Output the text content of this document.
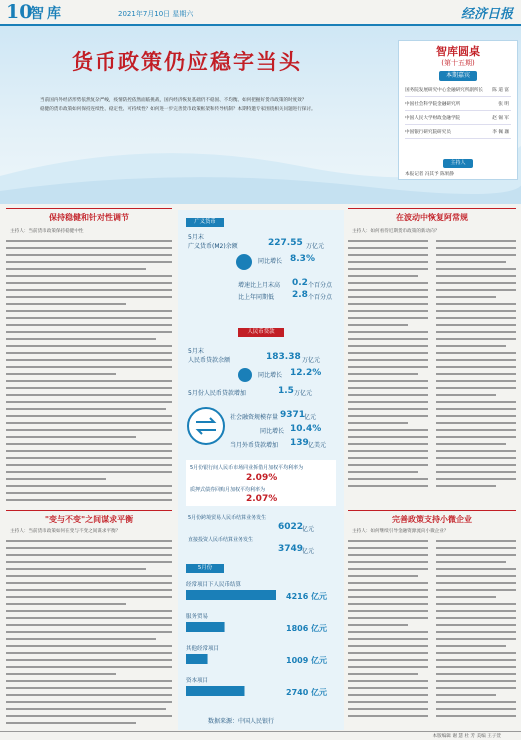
10
智库	2021年7月10日 星期六	经济日报
货币政策仍应稳字当头
当前国内外经济形势依然复杂严峻，疫情防控依然面临挑战，国内经济恢复基础仍不稳固、不均衡。如何把握好货币政策的时度效？
稳健的货币政策如何保持连续性、稳定性、可持续性？如何进一步完善货币政策框架和传导机制？本期特邀专家围绕相关问题进行探讨。
智库圆桌
(第十五期)
本期嘉宾
国务院发展研究中心金融研究所副所长 陈 道 富
中国社会科学院金融研究所	张 明
中国人民大学财政金融学院	赵 锡 军
中国银行研究院研究员	李 佩 珈
主持人
本报记者 冯其予 陈果静
保持稳健和针对性调节
主持人：当前货币政策保持稳健中性
"变与不变"之间谋求平衡
主持人：当前货币政策如何在变与不变之间谋求平衡？
广义货币
5月末
广义货币(M2)余额	227.55 万亿元
同比增长 8.3%
增速比上月末高 0.2 个百分点
比上年同期低 2.8 个百分点
人民币贷款
5月末
人民币贷款余额	183.38 万亿元
同比增长 12.2%
5月份人民币贷款增加	1.5 万亿元
社会融资规模存量 9371
亿元
同比增长 10.4%
当月外币贷款增加 139 亿美元
5月份银行间人民币市场同业拆借月加权平均利率为
2.09%
质押式债券回购月加权平均利率为
2.07%
5月份跨境贸易人民币结算业务发生
6022
亿元
直接投资人民币结算业务发生
3749
亿元
5月份
经常项目下人民币结算
4216 亿元
服务贸易
1806 亿元
其他经常项目
1009 亿元
资本项目
2740 亿元
数据来源：中国人民银行
在波动中恢复阿常规
主持人：如何看待近期货币政策的新动向？
完善政策支持小微企业
主持人：如何继续引导金融资源流向小微企业？
本版编辑 谢 慧 杜 芳 美编 王子萱
